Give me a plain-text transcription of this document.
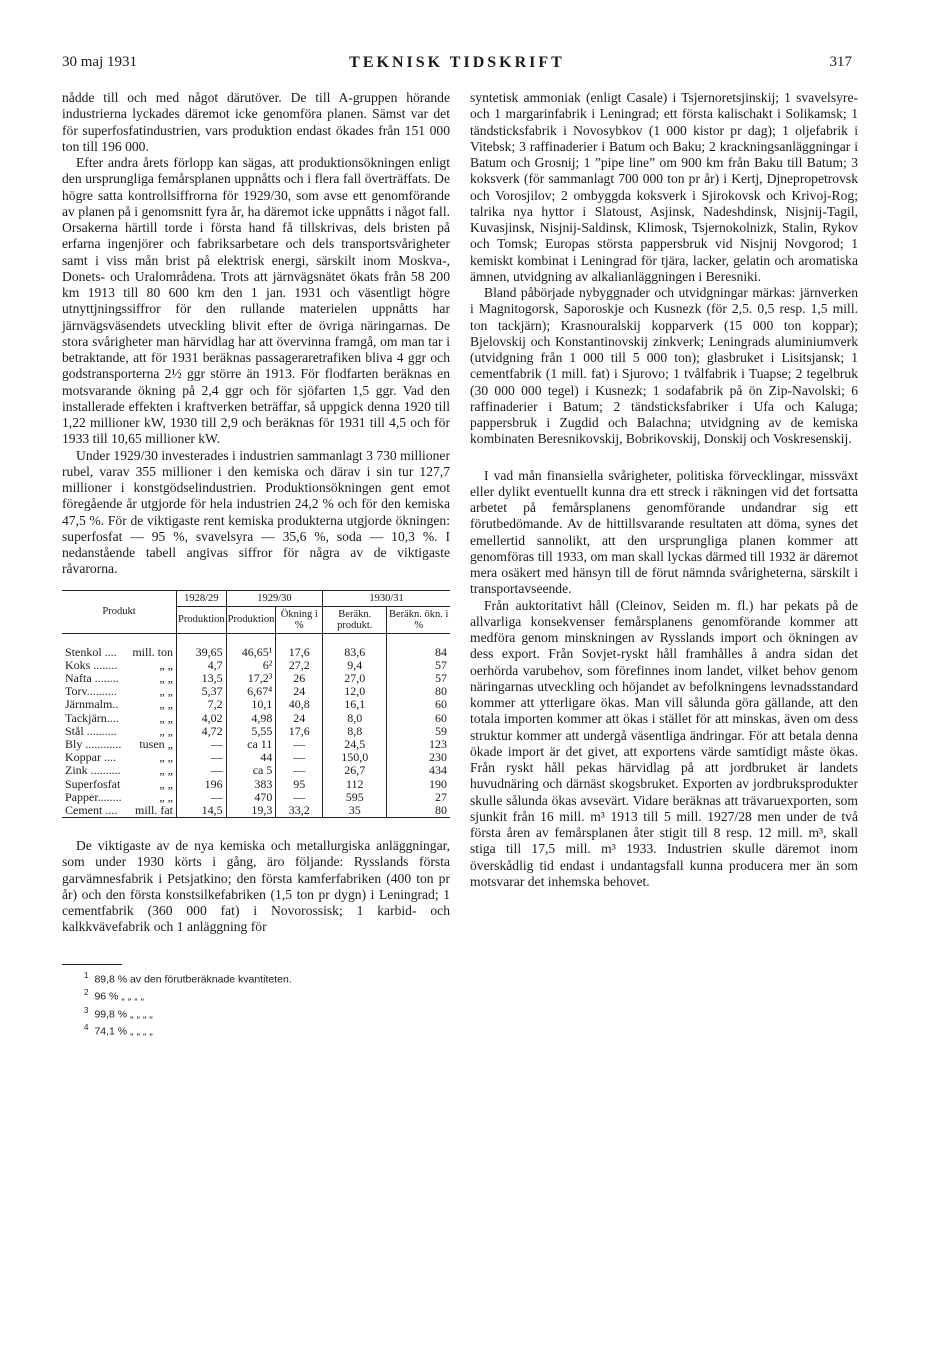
30 maj 1931	TEKNISK TIDSKRIFT	317

nådde till och med något därutöver. De till A-gruppen hörande industrierna lyckades däremot icke genomföra planen. Sämst var det för superfosfatindustrien, vars produktion endast ökades från 151 000 ton till 196 000.

Efter andra årets förlopp kan sägas, att produktionsökningen enligt den ursprungliga femårsplanen uppnåtts och i flera fall överträffats. De högre satta kontrollsiffrorna för 1929/30, som avse ett genomförande av planen på i genomsnitt fyra år, ha däremot icke uppnåtts i något fall. Orsakerna härtill torde i första hand få tillskrivas, dels bristen på erfarna ingenjörer och fabriksarbetare och dels transportsvårigheter samt i viss mån brist på elektrisk energi, särskilt inom Moskva-, Donets- och Uralområdena. Trots att järnvägsnätet ökats från 58 200 km 1913 till 80 600 km den 1 jan. 1931 och väsentligt högre utnyttjningssiffror för den rullande materielen uppnåtts har järnvägsväsendets utveckling blivit efter de övriga näringarnas. De stora svårigheter man härvidlag har att övervinna framgå, om man tar i betraktande, att för 1931 beräknas passageraretrafiken bliva 4 ggr och godstransporterna 2½ ggr större än 1913. För flodfarten beräknas en motsvarande ökning på 2,4 ggr och för sjöfarten 1,5 ggr. Vad den installerade effekten i kraftverken beträffar, så uppgick denna 1920 till 1,22 millioner kW, 1930 till 2,9 och beräknas för 1931 till 4,5 och för 1933 till 10,65 millioner kW.

Under 1929/30 investerades i industrien sammanlagt 3 730 millioner rubel, varav 355 millioner i den kemiska och därav i sin tur 127,7 millioner i konstgödselindustrien. Produktionsökningen gent emot föregående år utgjorde för hela industrien 24,2 % och för den kemiska 47,5 %. För de viktigaste rent kemiska produkterna utgjorde ökningen: superfosfat — 95 %, svavelsyra — 35,6 %, soda — 10,3 %. I nedanstående tabell angivas siffror för några av de viktigaste råvarorna.

Produkt	1928/29	1929/30		1930/31	
	Produktion	Produktion	Ökning i %	Beräkn. produkt.	Beräkn. ökn. i %
Stenkol .... mill. ton	39,65	46,65¹	17,6	83,6	84
Koks ........ „ „	4,7	6²	27,2	9,4	57
Nafta ........ „ „	13,5	17,2³	26	27,0	57
Torv.......... „ „	5,37	6,67⁴	24	12,0	80
Järnmalm.. „ „	7,2	10,1	40,8	16,1	60
Tackjärn.... „ „	4,02	4,98	24	8,0	60
Stål .......... „ „	4,72	5,55	17,6	8,8	59
Bly ............ tusen „	—	ca 11	—	24,5	123
Koppar .... „ „	—	44	—	150,0	230
Zink .......... „ „	—	ca 5	—	26,7	434
Superfosfat „ „	196	383	95	112	190
Papper........ „ „	—	470	—	595	27
Cement .... mill. fat	14,5	19,3	33,2	35	80

De viktigaste av de nya kemiska och metallurgiska anläggningar, som under 1930 körts i gång, äro följande: Rysslands första garvämnesfabrik i Petsjatkino; den första kamferfabriken (400 ton pr år) och den första konstsilkefabriken (1,5 ton pr dygn) i Leningrad; 1 cementfabrik (360 000 fat) i Novorossisk; 1 karbid- och kalkkvävefabrik och 1 anläggning för

$^1$ 89,8 % av den förutberäknade kvantiteten.

$^2$ 96 % „ „ „ „

$^3$ 99,8 % „ „ „ „

$^4$ 74,1 % „ „ „ „

syntetisk ammoniak (enligt Casale) i Tsjernoretsjinskij; 1 svavelsyre- och 1 margarinfabrik i Leningrad; ett första kalischakt i Solikamsk; 1 tändsticksfabrik i Novosybkov (1 000 kistor pr dag); 1 oljefabrik i Vitebsk; 3 raffinaderier i Batum och Baku; 2 krackningsanläggningar i Batum och Grosnij; 1 ”pipe line” om 900 km från Baku till Batum; 3 koksverk (för sammanlagt 700 000 ton pr år) i Kertj, Djnepropetrovsk och Vorosjilov; 2 ombyggda koksverk i Sjirokovsk och Krivoj-Rog; talrika nya hyttor i Slatoust, Asjinsk, Nadeshdinsk, Nisjnij-Tagil, Kuvasjinsk, Nisjnij-Saldinsk, Klimosk, Tsjernokolnizk, Stalin, Rykov och Tomsk; Europas största pappersbruk vid Nisjnij Novgorod; 1 kemiskt kombinat i Leningrad för tjära, lacker, gelatin och aromatiska ämnen, utvidgning av alkalianläggningen i Beresniki.

Bland påbörjade nybyggnader och utvidgningar märkas: järnverken i Magnitogorsk, Saporoskje och Kusnezk (för 2,5. 0,5 resp. 1,5 mill. ton tackjärn); Krasnouralskij kopparverk (15 000 ton koppar); Bjelovskij och Konstantinovskij zinkverk; Leningrads aluminiumverk (utvidgning från 1 000 till 5 000 ton); glasbruket i Lisitsjansk; 1 cementfabrik (1 mill. fat) i Sjurovo; 1 tvålfabrik i Tuapse; 2 tegelbruk (30 000 000 tegel) i Kusnezk; 1 sodafabrik på ön Zip-Navolski; 6 raffinaderier i Batum; 2 tändsticksfabriker i Ufa och Kaluga; pappersbruk i Zugdid och Balachna; utvidgning av de kemiska kombinaten Beresnikovskij, Bobrikovskij, Donskij och Voskresenskij.

I vad mån finansiella svårigheter, politiska förvecklingar, missväxt eller dylikt eventuellt kunna dra ett streck i räkningen vid det fortsatta arbetet på femårsplanens genomförande undandrar sig ett förutbedömande. Av de hittillsvarande resultaten att döma, synes det emellertid sannolikt, att den ursprungliga planen kommer att genomföras till 1933, om man skall lyckas därmed till 1932 är däremot mera osäkert med hänsyn till de förut nämnda svårigheterna, särskilt i transportavseende.

Från auktoritativt håll (Cleinov, Seiden m. fl.) har pekats på de allvarliga konsekvenser femårsplanens genomförande kommer att medföra genom minskningen av Rysslands import och ökningen av dess export. Från Sovjet-ryskt håll framhålles å andra sidan det oerhörda varubehov, som förefinnes inom landet, vilket behov genom näringarnas utveckling och höjandet av befolkningens levnadsstandard kommer att ytterligare ökas. Man vill sålunda göra gällande, att den totala importen kommer att ökas i stället för att minskas, även om dess struktur kommer att undergå väsentliga ändringar. För att betala denna ökade import är det givet, att exportens värde samtidigt måste ökas. Från ryskt håll pekas härvidlag på att jordbruket är landets huvudnäring och därnäst skogsbruket. Exporten av jordbruksprodukter skulle sålunda ökas avsevärt. Vidare beräknas att trävaruexporten, som sjunkit från 16 mill. m³ 1913 till 5 mill. 1927/28 men under de två första åren av femårsplanen åter stigit till 8 resp. 12 mill. m³, skall stiga till 17,5 mill. m³ 1933. Industrien skulle däremot inom överskådlig tid endast i undantagsfall kunna producera mer än som motsvarar det inhemska behovet.
